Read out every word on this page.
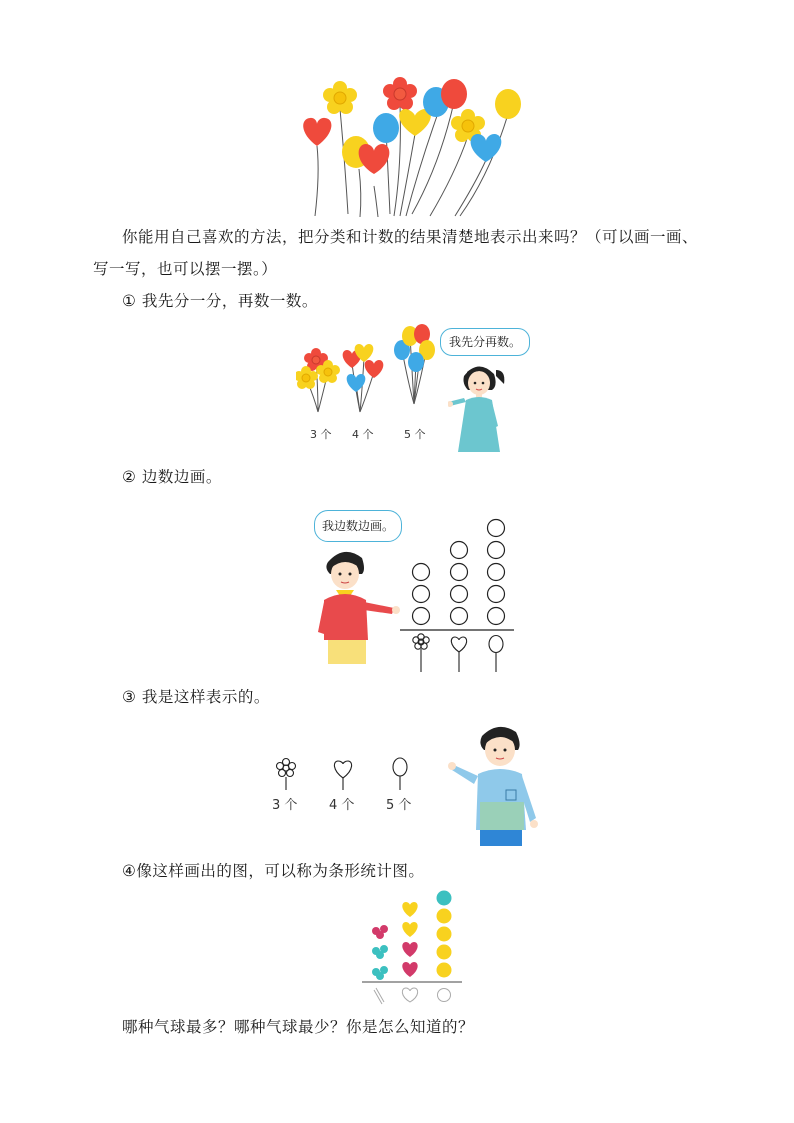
你能用自己喜欢的方法，把分类和计数的结果清楚地表示出来吗？（可以画一画、
写一写，也可以摆一摆。）
① 我先分一分，再数一数。
3 个 4 个	5 个
我先分再数。
② 边数边画。
我边数边画。
③ 我是这样表示的。
3 个 4 个 5 个
④像这样画出的图，可以称为条形统计图。
哪种气球最多？哪种气球最少？你是怎么知道的？
